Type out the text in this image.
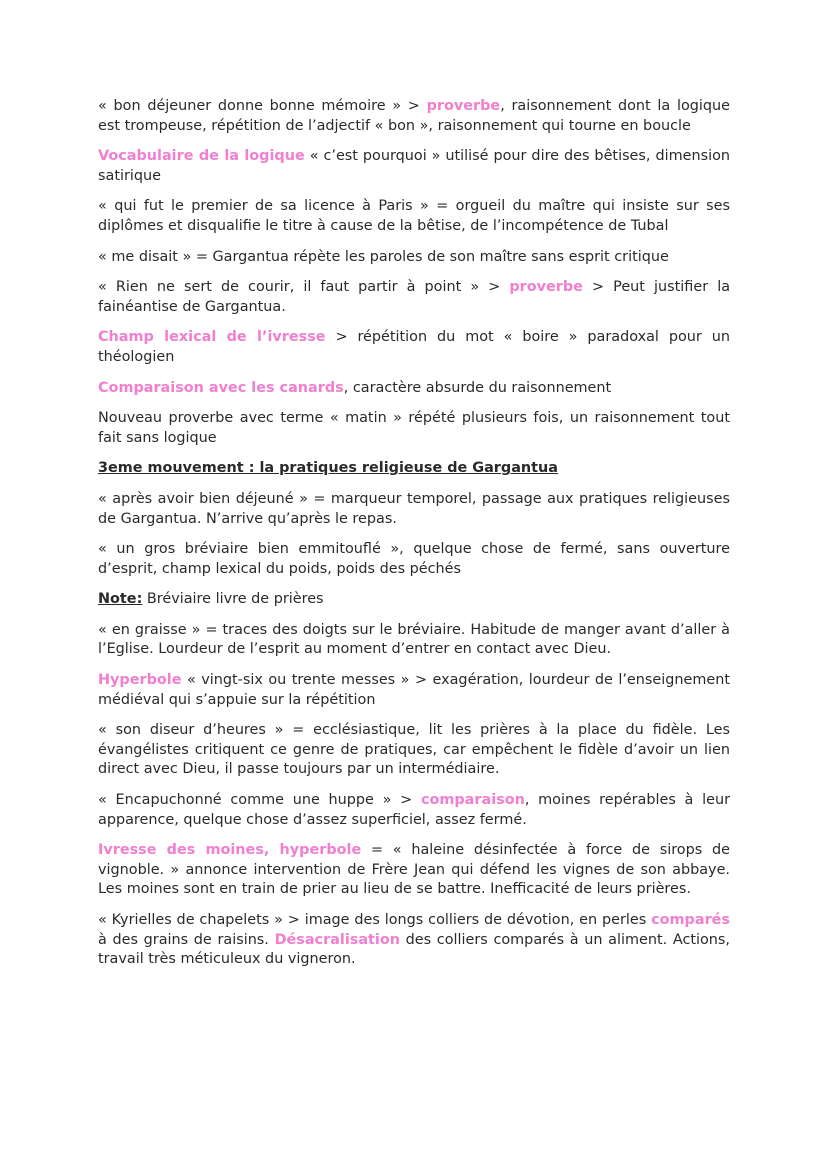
« bon déjeuner donne bonne mémoire » > proverbe, raisonnement dont la logique est trompeuse, répétition de l’adjectif « bon », raisonnement qui tourne en boucle

Vocabulaire de la logique « c’est pourquoi » utilisé pour dire des bêtises, dimension satirique

« qui fut le premier de sa licence à Paris » = orgueil du maître qui insiste sur ses diplômes et disqualifie le titre à cause de la bêtise, de l’incompétence de Tubal

« me disait » = Gargantua répète les paroles de son maître sans esprit critique

« Rien ne sert de courir, il faut partir à point » > proverbe > Peut justifier la fainéantise de Gargantua.

Champ lexical de l’ivresse > répétition du mot « boire » paradoxal pour un théologien

Comparaison avec les canards, caractère absurde du raisonnement

Nouveau proverbe avec terme « matin » répété plusieurs fois, un raisonnement tout fait sans logique

3eme mouvement : la pratiques religieuse de Gargantua

« après avoir bien déjeuné » = marqueur temporel, passage aux pratiques religieuses de Gargantua. N’arrive qu’après le repas.

« un gros bréviaire bien emmitouflé », quelque chose de fermé, sans ouverture d’esprit, champ lexical du poids, poids des péchés

Note: Bréviaire livre de prières

« en graisse » = traces des doigts sur le bréviaire. Habitude de manger avant d’aller à l’Eglise. Lourdeur de l’esprit au moment d’entrer en contact avec Dieu.

Hyperbole « vingt-six ou trente messes » > exagération, lourdeur de l’enseignement médiéval qui s’appuie sur la répétition

« son diseur d’heures » = ecclésiastique, lit les prières à la place du fidèle. Les évangélistes critiquent ce genre de pratiques, car empêchent le fidèle d’avoir un lien direct avec Dieu, il passe toujours par un intermédiaire.

« Encapuchonné comme une huppe » > comparaison, moines repérables à leur apparence, quelque chose d’assez superficiel, assez fermé.

Ivresse des moines, hyperbole = « haleine désinfectée à force de sirops de vignoble. » annonce intervention de Frère Jean qui défend les vignes de son abbaye. Les moines sont en train de prier au lieu de se battre. Inefficacité de leurs prières.

« Kyrielles de chapelets » > image des longs colliers de dévotion, en perles comparés à des grains de raisins. Désacralisation des colliers comparés à un aliment. Actions, travail très méticuleux du vigneron.
